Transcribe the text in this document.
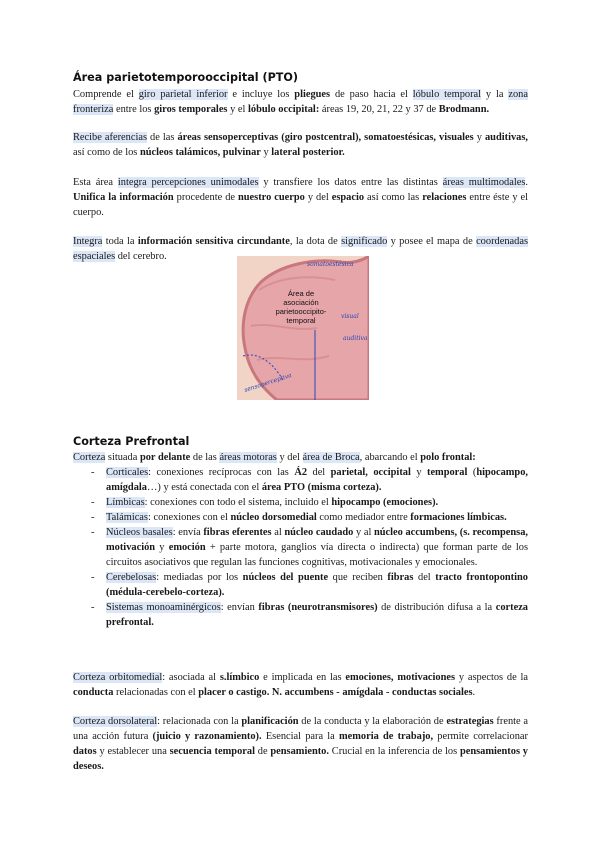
Área parietotemporooccipital (PTO)

Comprende el giro parietal inferior e incluye los pliegues de paso hacia el lóbulo temporal y la zona fronteriza entre los giros temporales y el lóbulo occipital: áreas 19, 20, 21, 22 y 37 de Brodmann.

Recibe aferencias de las áreas sensoperceptivas (giro postcentral), somatoestésicas, visuales y auditivas, así como de los núcleos talámicos, pulvinar y lateral posterior.

Esta área integra percepciones unimodales y transfiere los datos entre las distintas áreas multimodales. Unifica la información procedente de nuestro cuerpo y del espacio así como las relaciones entre éste y el cuerpo.

Integra toda la información sensitiva circundante, la dota de significado y posee el mapa de coordenadas espaciales del cerebro.

Área de
asociación
parietooccipito-
temporal
somatoestésica
visual
auditiva
sensoperceptiva
Corteza Prefrontal

Corteza situada por delante de las áreas motoras y del área de Broca, abarcando el polo frontal:

- Corticales: conexiones recíprocas con las Á2 del parietal, occipital y temporal (hipocampo, amígdala…) y está conectada con el área PTO (misma corteza).
- Límbicas: conexiones con todo el sistema, incluido el hipocampo (emociones).
- Talámicas: conexiones con el núcleo dorsomedial como mediador entre formaciones límbicas.
- Núcleos basales: envía fibras eferentes al núcleo caudado y al núcleo accumbens, (s. recompensa, motivación y emoción + parte motora, ganglios vía directa o indirecta) que forman parte de los circuitos asociativos que regulan las funciones cognitivas, motivacionales y emocionales.
- Cerebelosas: mediadas por los núcleos del puente que reciben fibras del tracto frontopontino (médula-cerebelo-corteza).
- Sistemas monoaminérgicos: envían fibras (neurotransmisores) de distribución difusa a la corteza prefrontal.

Corteza orbitomedial: asociada al s.límbico e implicada en las emociones, motivaciones y aspectos de la conducta relacionadas con el placer o castigo. N. accumbens - amígdala - conductas sociales.

Corteza dorsolateral: relacionada con la planificación de la conducta y la elaboración de estrategias frente a una acción futura (juicio y razonamiento). Esencial para la memoria de trabajo, permite correlacionar datos y establecer una secuencia temporal de pensamiento. Crucial en la inferencia de los pensamientos y deseos.
